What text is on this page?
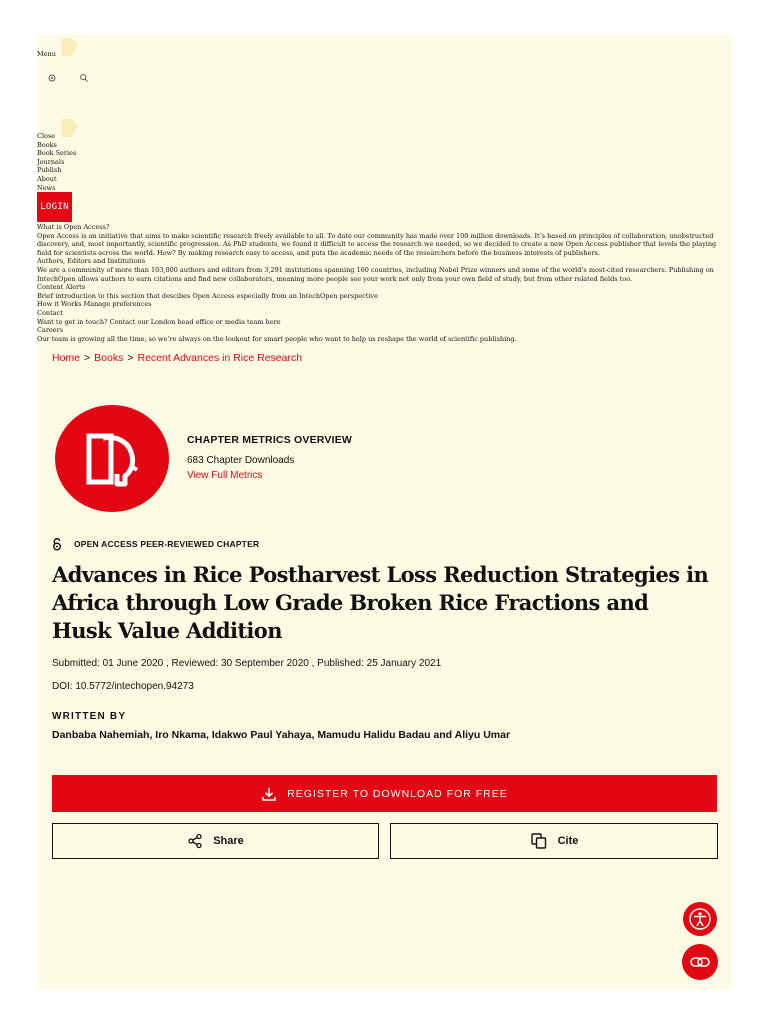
Menu
Close
Books
Book Series
Journals
Publish
About
News
LOGIN
What is Open Access?
Open Access is an initiative that aims to make scientific research freely available to all. To date our community has made over 100 million downloads. It’s based on principles of collaboration, unobstructed discovery, and, most importantly, scientific progression. As PhD students, we found it difficult to access the research we needed, so we decided to create a new Open Access publisher that levels the playing field for scientists across the world. How? By making research easy to access, and puts the academic needs of the researchers before the business interests of publishers.
Authors, Editors and Institutions
We are a community of more than 103,000 authors and editors from 3,291 institutions spanning 160 countries, including Nobel Prize winners and some of the world’s most-cited researchers. Publishing on IntechOpen allows authors to earn citations and find new collaborators, meaning more people see your work not only from your own field of study, but from other related fields too.
Content Alerts
Brief introduction to this section that descibes Open Access especially from an IntechOpen perspective
How it Works Manage preferences
Contact
Want to get in touch? Contact our London head office or media team here
Careers
Our team is growing all the time, so we’re always on the lookout for smart people who want to help us reshape the world of scientific publishing.
Home > Books > Recent Advances in Rice Research
CHAPTER METRICS OVERVIEW
683 Chapter Downloads
View Full Metrics
OPEN ACCESS PEER-REVIEWED CHAPTER
Advances in Rice Postharvest Loss Reduction Strategies in Africa through Low Grade Broken Rice Fractions and Husk Value Addition
Submitted: 01 June 2020 , Reviewed: 30 September 2020 , Published: 25 January 2021
DOI: 10.5772/intechopen.94273
WRITTEN BY
Danbaba Nahemiah, Iro Nkama, Idakwo Paul Yahaya, Mamudu Halidu Badau and Aliyu Umar
REGISTER TO DOWNLOAD FOR FREE
Share	Cite
